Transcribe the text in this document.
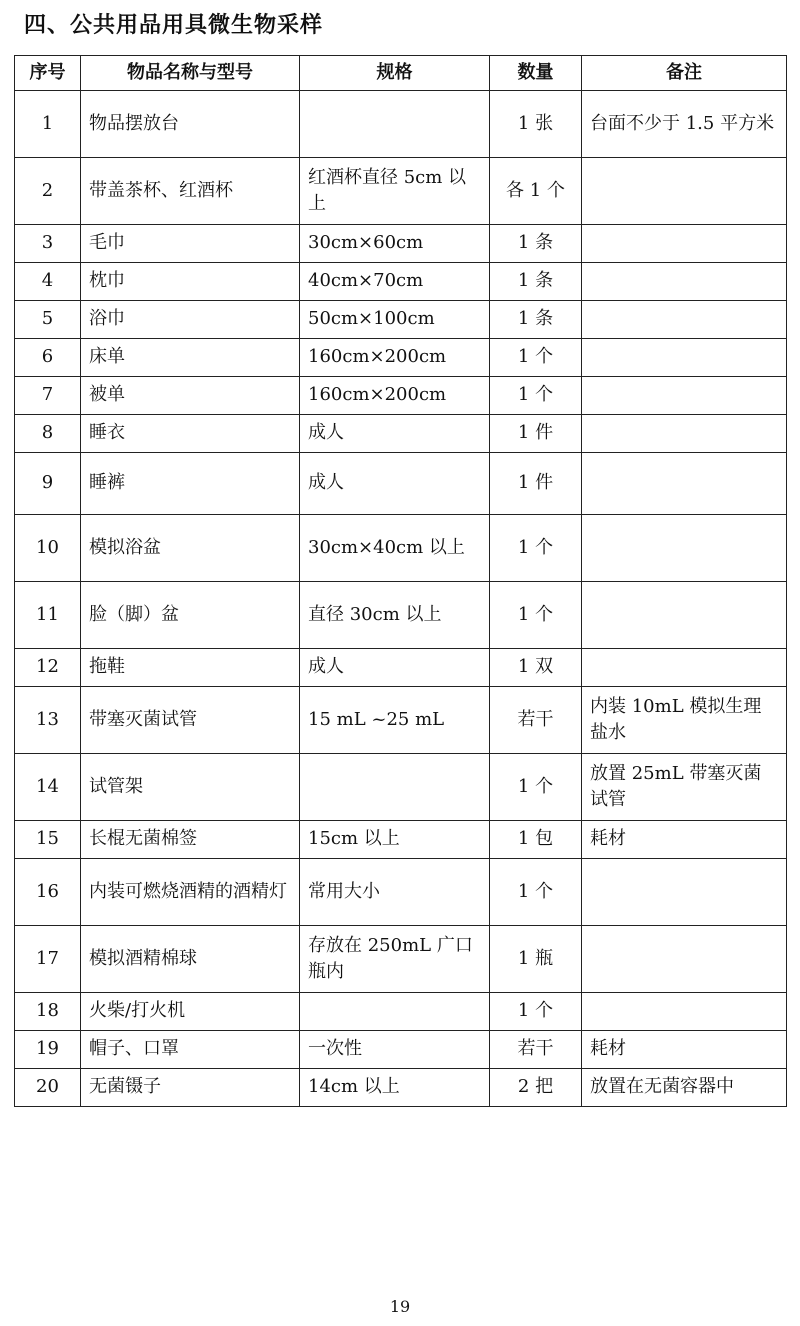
四、公共用品用具微生物采样
序号	物品名称与型号	规格	数量	备注
1	物品摆放台		1 张	台面不少于 1.5 平方米
2	带盖茶杯、红酒杯	红酒杯直径 5cm 以上	各 1 个	
3	毛巾	30cm×60cm	1 条	
4	枕巾	40cm×70cm	1 条	
5	浴巾	50cm×100cm	1 条	
6	床单	160cm×200cm	1 个	
7	被单	160cm×200cm	1 个	
8	睡衣	成人	1 件	
9	睡裤	成人	1 件	
10	模拟浴盆	30cm×40cm 以上	1 个	
11	脸（脚）盆	直径 30cm 以上	1 个	
12	拖鞋	成人	1 双	
13	带塞灭菌试管	15 mL ~25 mL	若干	内装 10mL 模拟生理盐水
14	试管架		1 个	放置 25mL 带塞灭菌试管
15	长棍无菌棉签	15cm 以上	1 包	耗材
16	内装可燃烧酒精的酒精灯	常用大小	1 个	
17	模拟酒精棉球	存放在 250mL 广口瓶内	1 瓶	
18	火柴/打火机		1 个	
19	帽子、口罩	一次性	若干	耗材
20	无菌镊子	14cm 以上	2 把	放置在无菌容器中
19
